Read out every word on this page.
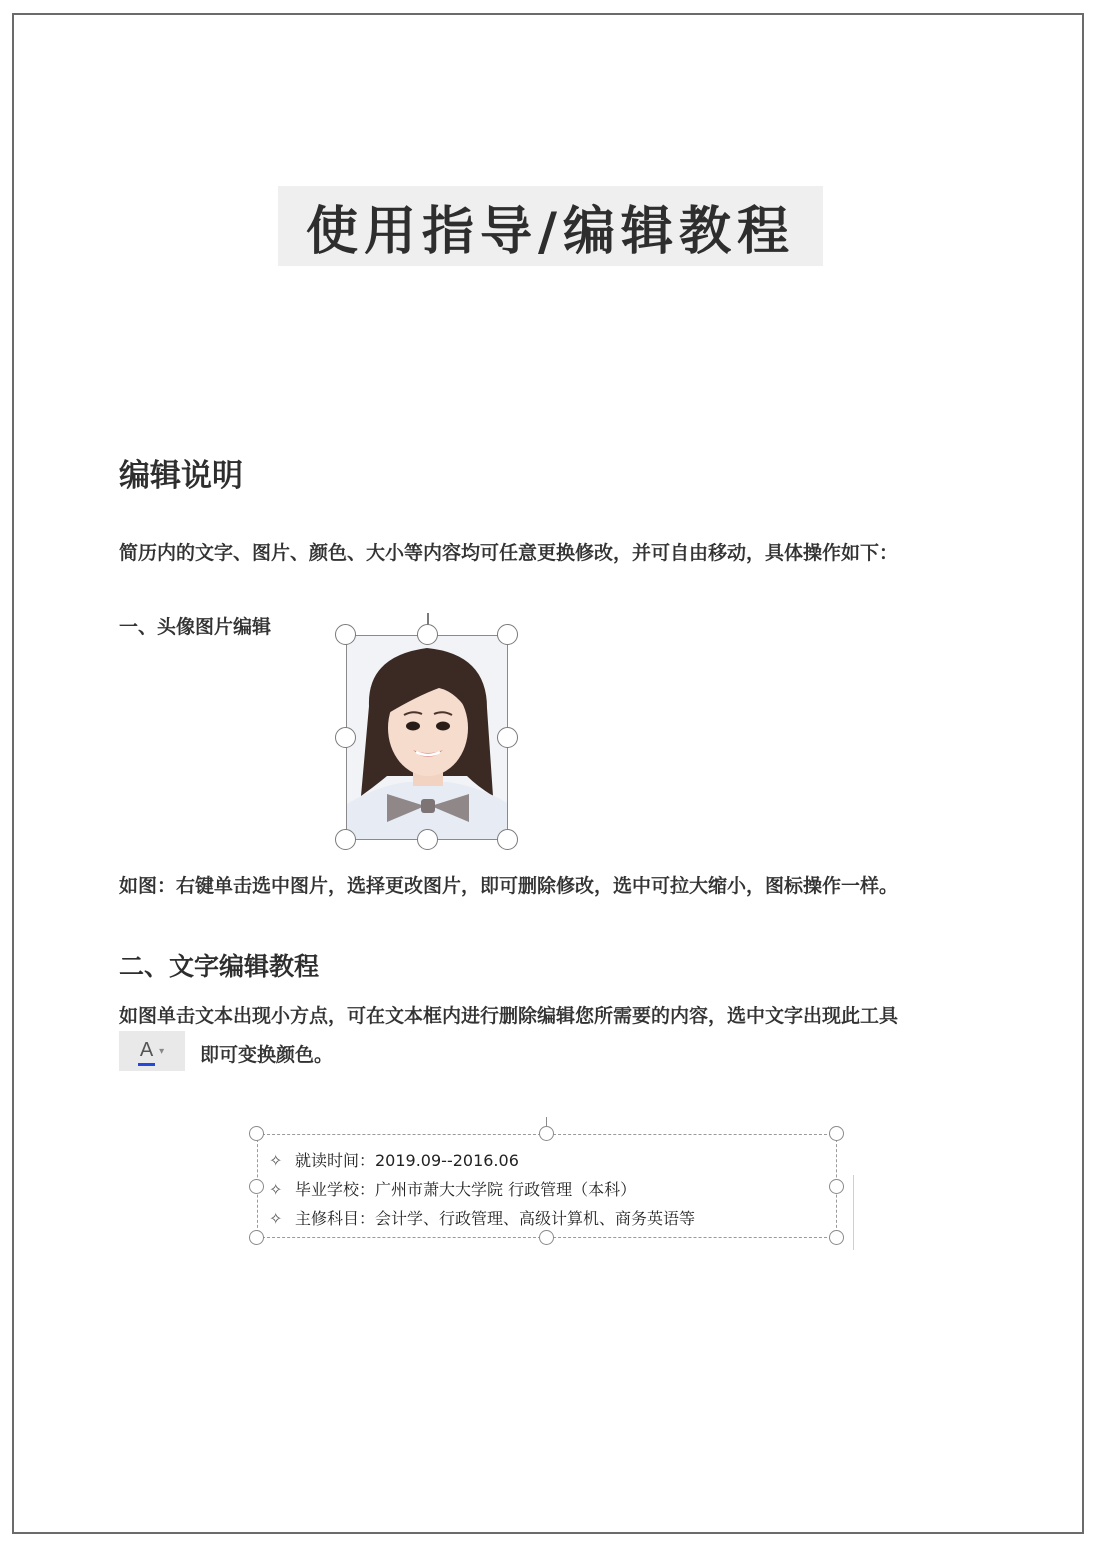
使用指导/编辑教程
编辑说明
简历内的文字、图片、颜色、大小等内容均可任意更换修改，并可自由移动，具体操作如下：
一、头像图片编辑
如图：右键单击选中图片，选择更改图片，即可删除修改，选中可拉大缩小，图标操作一样。
二、文字编辑教程
如图单击文本出现小方点，可在文本框内进行删除编辑您所需要的内容，选中文字出现此工具
A ▾ 即可变换颜色。
✧ 就读时间：2019.09--2016.06
✧ 毕业学校：广州市萧大大学院 行政管理（本科）
✧ 主修科目：会计学、行政管理、高级计算机、商务英语等
